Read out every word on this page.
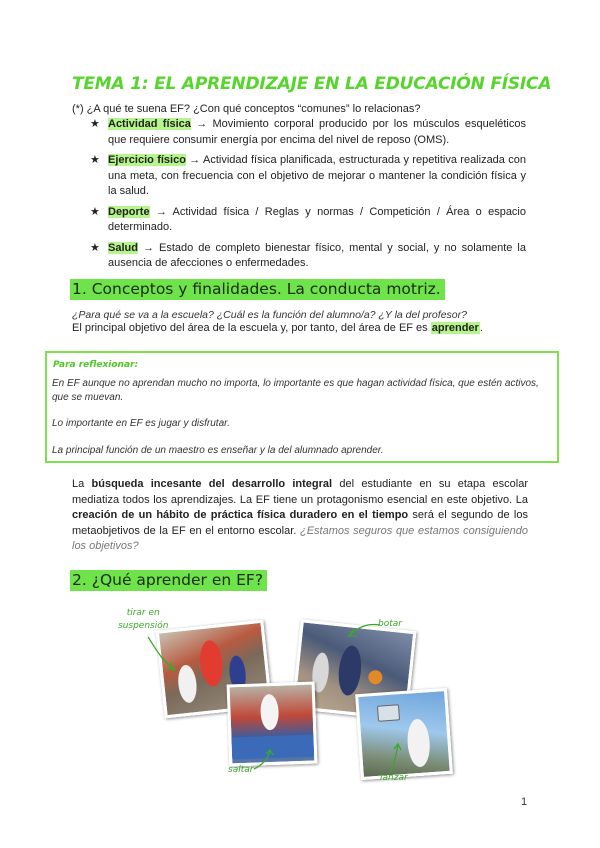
TEMA 1: EL APRENDIZAJE EN LA EDUCACIÓN FÍSICA
(*) ¿A qué te suena EF? ¿Con qué conceptos “comunes” lo relacionas?
★ Actividad física → Movimiento corporal producido por los músculos esqueléticos que requiere consumir energía por encima del nivel de reposo (OMS).
★ Ejercicio físico → Actividad física planificada, estructurada y repetitiva realizada con una meta, con frecuencia con el objetivo de mejorar o mantener la condición física y la salud.
★ Deporte → Actividad física / Reglas y normas / Competición / Área o espacio determinado.
★ Salud → Estado de completo bienestar físico, mental y social, y no solamente la ausencia de afecciones o enfermedades.
1. Conceptos y finalidades. La conducta motriz.
¿Para qué se va a la escuela? ¿Cuál es la función del alumno/a? ¿Y la del profesor?
El principal objetivo del área de la escuela y, por tanto, del área de EF es aprender.
Para reflexionar:
En EF aunque no aprendan mucho no importa, lo importante es que hagan actividad física, que estén activos, que se muevan.
Lo importante en EF es jugar y disfrutar.
La principal función de un maestro es enseñar y la del alumnado aprender.
La búsqueda incesante del desarrollo integral del estudiante en su etapa escolar mediatiza todos los aprendizajes. La EF tiene un protagonismo esencial en este objetivo. La creación de un hábito de práctica física duradero en el tiempo será el segundo de los metaobjetivos de la EF en el entorno escolar. ¿Estamos seguros que estamos consiguiendo los objetivos?
2. ¿Qué aprender en EF?
tirar en
suspensión	botar
saltar
lanzar
1
